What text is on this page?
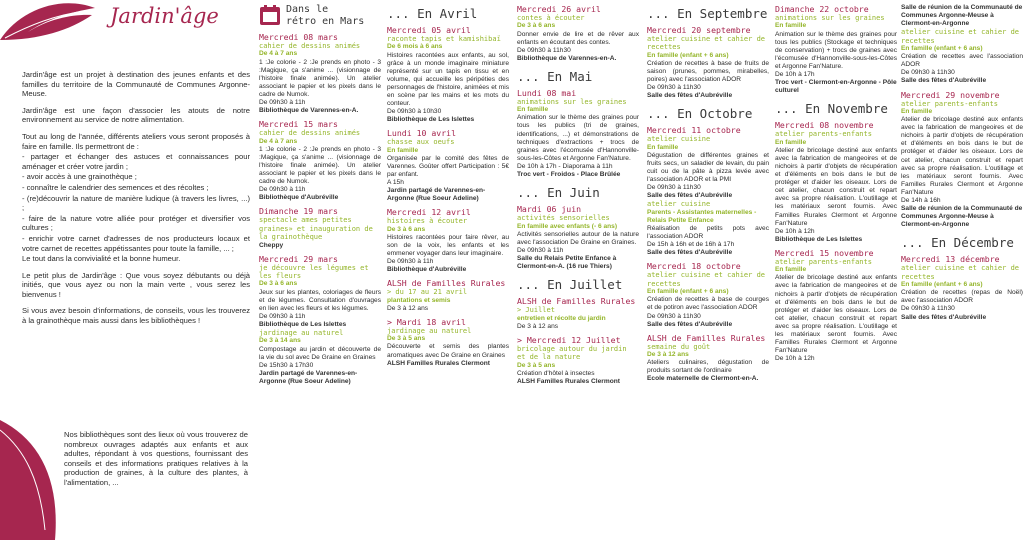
Jardin'âge

Jardin'âge est un projet à destination des jeunes enfants et des familles du territoire de la Communauté de Communes Argonne-Meuse.

Jardin'âge est une façon d'associer les atouts de notre environnement au service de notre alimentation.

Tout au long de l'année, différents ateliers vous seront proposés à faire en famille. Ils permettront de :

- partager et échanger des astuces et connaissances pour aménager et créer votre jardin ;

- avoir accès à une grainothèque ;

- connaître le calendrier des semences et des récoltes ;

- (re)découvrir la nature de manière ludique (à travers les livres, ...) ;

- faire de la nature votre alliée pour protéger et diversifier vos cultures ;

- enrichir votre carnet d'adresses de nos producteurs locaux et votre carnet de recettes appétissantes pour toute la famille, ... ;

Le tout dans la convivialité et la bonne humeur.

Le petit plus de Jardin'âge : Que vous soyez débutants ou déjà initiés, que vous ayez ou non la main verte , vous serez les bienvenus !

Si vous avez besoin d'informations, de conseils, vous les trouverez à la grainothèque mais aussi dans les bibliothèques !

Nos bibliothèques sont des lieux où vous trouverez de nombreux ouvrages adaptés aux enfants et aux adultes, répondant à vos questions, fournissant des conseils et des informations pratiques relatives à la production de graines, à la culture des plantes, à l'alimentation, ...
Dans le
rétro en Mars
Mercredi 08 mars
cahier de dessins animés
De 4 à 7 ans
1 :Je colorie - 2 :Je prends en photo - 3 :Magique, ça s'anime ... (visionnage de l'histoire finale animée). Un atelier associant le papier et les pixels dans le cadre de Numok.
De 09h30 à 11h
Bibliothèque de Varennes-en-A.
Mercredi 15 mars
cahier de dessins animés
De 4 à 7 ans
1 :Je colorie - 2 :Je prends en photo - 3 :Magique, ça s'anime ... (visionnage de l'histoire finale animée). Un atelier associant le papier et les pixels dans le cadre de Numok.
De 09h30 à 11h
Bibliothèque d'Aubréville
Dimanche 19 mars
spectacle ames petites graines» et inauguration de la grainothèque
Cheppy
Mercredi 29 mars
je découvre les légumes et les fleurs
De 3 à 6 ans
Jeux sur les plantes, coloriages de fleurs et de légumes. Consultation d'ouvrages en lien avec les fleurs et les légumes.
De 09h30 à 11h
Bibliothèque de Les Islettes
jardinage au naturel
De 3 à 14 ans
Compostage au jardin et découverte de la vie du sol avec De Graine en Graines
De 15h30 à 17h30
Jardin partagé de Varennes-en-Argonne (Rue Soeur Adeline)
... En Avril
Mercredi 05 avril
raconte tapis et kamishibaï
De 6 mois à 6 ans
Histoires racontées aux enfants, au sol, grâce à un monde imaginaire miniature représenté sur un tapis en tissu et en volume, qui accueille les péripéties des personnages de l'histoire, animées et mis en scène par les mains et les mots du conteur.
De 09h30 à 10h30
Bibliothèque de Les Islettes
Lundi 10 avril
chasse aux oeufs
En famille
Organisée par le comité des fêtes de Varennes. Goûter offert Participation : 5€ par enfant.
A 15h
Jardin partagé de Varennes-en-Argonne (Rue Soeur Adeline)
Mercredi 12 avril
histoires à écouter
De 3 à 6 ans
Histoires racontées pour faire rêver, au son de la voix, les enfants et les emmener voyager dans leur imaginaire.
De 09h30 à 11h
Bibliothèque d'Aubréville
ALSH de Familles Rurales
> du 17 au 21 avril
plantations et semis
De 3 à 12 ans
> Mardi 18 avril
jardinage au naturel
De 3 à 5 ans
Découverte et semis des plantes aromatiques avec De Graine en Graines
ALSH Familles Rurales Clermont
Mercredi 26 avril
contes à écouter
De 3 à 6 ans
Donner envie de lire et de rêver aux enfants en écoutant des contes.
De 09h30 à 11h30
Bibliothèque de Varennes-en-A.
... En Mai
Lundi 08 mai
animations sur les graines
En famille
Animation sur le thème des graines pour tous les publics (tri de graines, identifications, ...) et démonstrations de techniques d'extractions + trocs de graines avec l'écomusée d'Hannonville-sous-les-Côtes et Argonne Fan'Nature.
De 10h à 17h - Diaporama à 11h
Troc vert - Froidos - Place Brûlée
... En Juin
Mardi 06 juin
activités sensorielles
En famille avec enfants (- 6 ans)
Activités sensorielles autour de la nature avec l'association De Graine en Graines.
De 09h30 à 11h
Salle du Relais Petite Enfance à Clermont-en-A. (16 rue Thiers)
... En Juillet
ALSH de Familles Rurales
> Juillet
entretien et récolte du jardin
De 3 à 12 ans
> Mercredi 12 Juillet
bricolage autour du jardin et de la nature
De 3 à 5 ans
Création d'hôtel à insectes
ALSH Familles Rurales Clermont
... En Septembre
Mercredi 20 septembre
atelier cuisine et cahier de recettes
En famille (enfant + 6 ans)
Création de recettes à base de fruits de saison (prunes, pommes, mirabelles, poires) avec l'association ADOR
De 09h30 à 11h30
Salle des fêtes d'Aubréville
... En Octobre
Mercredi 11 octobre
atelier cuisine
En famille
Dégustation de différentes graines et fruits secs, un saladier de levain, du pain cuit ou de la pâte à pizza levée avec l'association ADOR et la PMI
De 09h30 à 11h30
Salle des fêtes d'Aubréville
atelier cuisine
Parents - Assistantes maternelles - Relais Petite Enfance
Réalisation de petits pots avec l'association ADOR
De 15h à 16h et de 16h à 17h
Salle des fêtes d'Aubréville
Mercredi 18 octobre
atelier cuisine et cahier de recettes
En famille (enfant + 6 ans)
Création de recettes à base de courges et de potiron avec l'association ADOR
De 09h30 à 11h30
Salle des fêtes d'Aubréville
ALSH de Familles Rurales
semaine du goût
De 3 à 12 ans
Ateliers culinaires, dégustation de produits sortant de l'ordinaire
Ecole maternelle de Clermont-en-A.
Dimanche 22 octobre
animations sur les graines
En famille
Animation sur le thème des graines pour tous les publics (Stockage et techniques de conservation) + trocs de graines avec l'écomusée d'Hannonville-sous-les-Côtes et Argonne Fan'Nature.
De 10h à 17h
Troc vert - Clermont-en-Argonne - Pôle culturel
... En Novembre
Mercredi 08 novembre
atelier parents-enfants
En famille
Atelier de bricolage destiné aux enfants avec la fabrication de mangeoires et de nichoirs à partir d'objets de récupération et d'éléments en bois dans le but de protéger et d'aider les oiseaux. Lors de cet atelier, chacun construit et repart avec sa propre réalisation. L'outillage et les matériaux seront fournis. Avec Familles Rurales Clermont et Argonne Fan'Nature
De 10h à 12h
Bibliothèque de Les Islettes
Mercredi 15 novembre
atelier parents-enfants
En famille
Atelier de bricolage destiné aux enfants avec la fabrication de mangeoires et de nichoirs à partir d'objets de récupération et d'éléments en bois dans le but de protéger et d'aider les oiseaux. Lors de cet atelier, chacun construit et repart avec sa propre réalisation. L'outillage et les matériaux seront fournis. Avec Familles Rurales Clermont et Argonne Fan'Nature
De 10h à 12h
Salle de réunion de la Communauté de Communes Argonne-Meuse à Clermont-en-Argonne
atelier cuisine et cahier de recettes
En famille (enfant + 6 ans)
Création de recettes avec l'association ADOR
De 09h30 à 11h30
Salle des fêtes d'Aubréville
Mercredi 29 novembre
atelier parents-enfants
En famille
Atelier de bricolage destiné aux enfants avec la fabrication de mangeoires et de nichoirs à partir d'objets de récupération et d'éléments en bois dans le but de protéger et d'aider les oiseaux. Lors de cet atelier, chacun construit et repart avec sa propre réalisation. L'outillage et les matériaux seront fournis. Avec Familles Rurales Clermont et Argonne Fan'Nature
De 14h à 16h
Salle de réunion de la Communauté de Communes Argonne-Meuse à Clermont-en-Argonne
... En Décembre
Mercredi 13 décembre
atelier cuisine et cahier de recettes
En famille (enfant + 6 ans)
Création de recettes (repas de Noël) avec l'association ADOR
De 09h30 à 11h30
Salle des fêtes d'Aubréville
